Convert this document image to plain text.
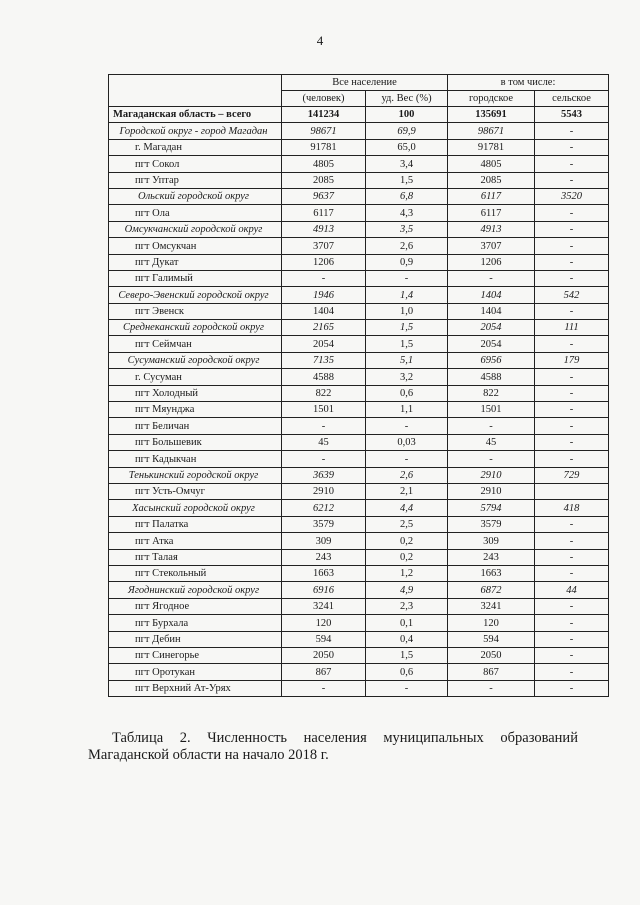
4
	Все население		в том числе:	
	(человек)	уд. Вес (%)	городское	сельское
Магаданская область – всего	141234	100	135691	5543
Городской округ - город Магадан	98671	69,9	98671	-
г. Магадан	91781	65,0	91781	-
пгт Сокол	4805	3,4	4805	-
пгт Уптар	2085	1,5	2085	-
Ольский городской округ	9637	6,8	6117	3520
пгт Ола	6117	4,3	6117	-
Омсукчанский городской округ	4913	3,5	4913	-
пгт Омсукчан	3707	2,6	3707	-
пгт Дукат	1206	0,9	1206	-
пгт Галимый	-	-	-	-
Северо-Эвенский городской округ	1946	1,4	1404	542
пгт Эвенск	1404	1,0	1404	-
Среднеканский городской округ	2165	1,5	2054	111
пгт Сеймчан	2054	1,5	2054	-
Сусуманский городской округ	7135	5,1	6956	179
г. Сусуман	4588	3,2	4588	-
пгт Холодный	822	0,6	822	-
пгт Мяунджа	1501	1,1	1501	-
пгт Беличан	-	-	-	-
пгт Большевик	45	0,03	45	-
пгт Кадыкчан	-	-	-	-
Тенькинский городской округ	3639	2,6	2910	729
пгт Усть-Омчуг	2910	2,1	2910	
Хасынский городской округ	6212	4,4	5794	418
пгт Палатка	3579	2,5	3579	-
пгт Атка	309	0,2	309	-
пгт Талая	243	0,2	243	-
пгт Стекольный	1663	1,2	1663	-
Ягоднинский городской округ	6916	4,9	6872	44
пгт Ягодное	3241	2,3	3241	-
пгт Бурхала	120	0,1	120	-
пгт Дебин	594	0,4	594	-
пгт Синегорье	2050	1,5	2050	-
пгт Оротукан	867	0,6	867	-
пгт Верхний Ат-Урях	-	-	-	-
Таблица 2. Численность населения муниципальных образований
Магаданской области на начало 2018 г.
